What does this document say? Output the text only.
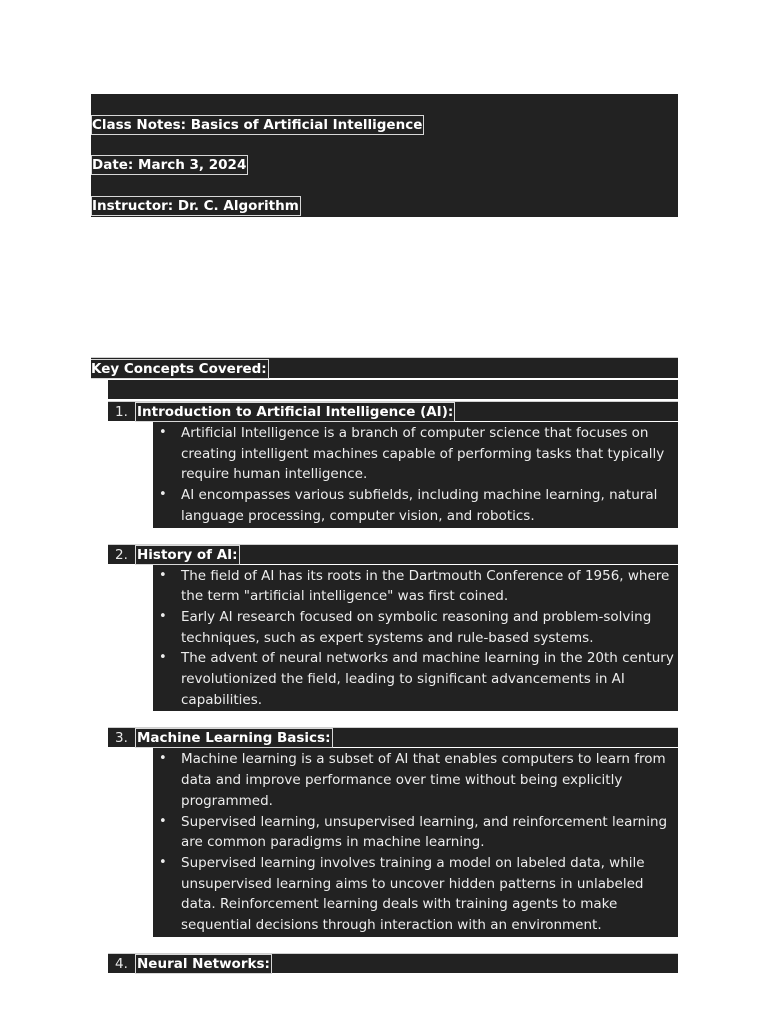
Class Notes: Basics of Artificial Intelligence
Date: March 3, 2024
Instructor: Dr. C. Algorithm
Key Concepts Covered:
1. Introduction to Artificial Intelligence (AI):
• Artificial Intelligence is a branch of computer science that focuses on creating intelligent machines capable of performing tasks that typically require human intelligence.
• AI encompasses various subfields, including machine learning, natural language processing, computer vision, and robotics.
2. History of AI:
• The field of AI has its roots in the Dartmouth Conference of 1956, where the term "artificial intelligence" was first coined.
• Early AI research focused on symbolic reasoning and problem-solving techniques, such as expert systems and rule-based systems.
• The advent of neural networks and machine learning in the 20th century revolutionized the field, leading to significant advancements in AI capabilities.
3. Machine Learning Basics:
• Machine learning is a subset of AI that enables computers to learn from data and improve performance over time without being explicitly programmed.
• Supervised learning, unsupervised learning, and reinforcement learning are common paradigms in machine learning.
• Supervised learning involves training a model on labeled data, while unsupervised learning aims to uncover hidden patterns in unlabeled data. Reinforcement learning deals with training agents to make sequential decisions through interaction with an environment.
4. Neural Networks:
